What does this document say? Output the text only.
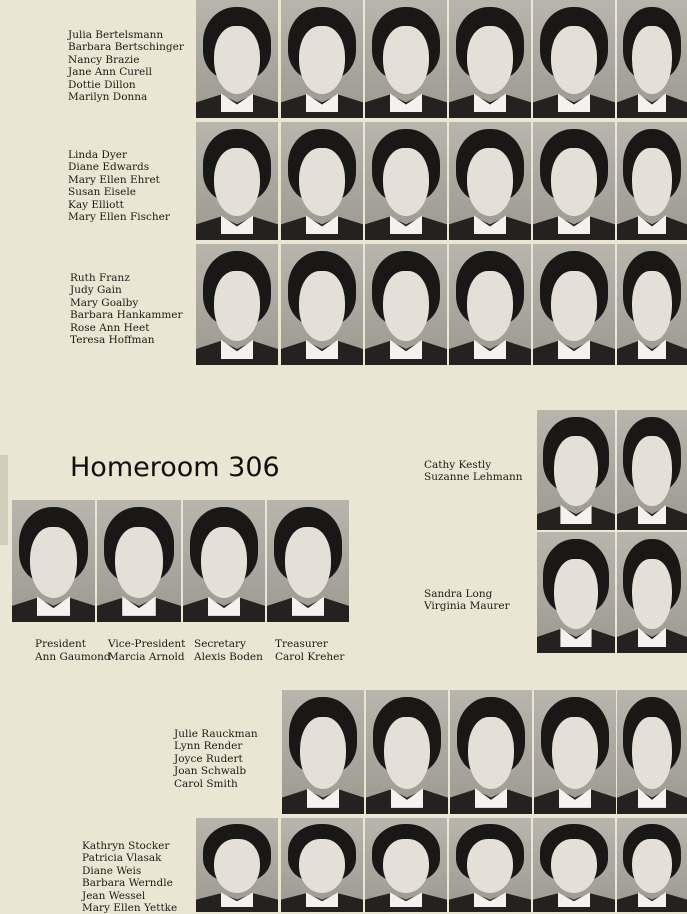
Julia Bertelsmann
Barbara Bertschinger
Nancy Brazie
Jane Ann Curell
Dottie Dillon
Marilyn Donna
Linda Dyer
Diane Edwards
Mary Ellen Ehret
Susan Eisele
Kay Elliott
Mary Ellen Fischer
Ruth Franz
Judy Gain
Mary Goalby
Barbara Hankammer
Rose Ann Heet
Teresa Hoffman
Homeroom 306	Cathy Kestly
Suzanne Lehmann
Sandra Long
Virginia Maurer
President
Ann Gaumond
Vice-President
Marcia Arnold
Secretary
Alexis Boden
Treasurer
Carol Kreher
Julie Rauckman
Lynn Render
Joyce Rudert
Joan Schwalb
Carol Smith
Kathryn Stocker
Patricia Vlasak
Diane Weis
Barbara Werndle
Jean Wessel
Mary Ellen Yettke
